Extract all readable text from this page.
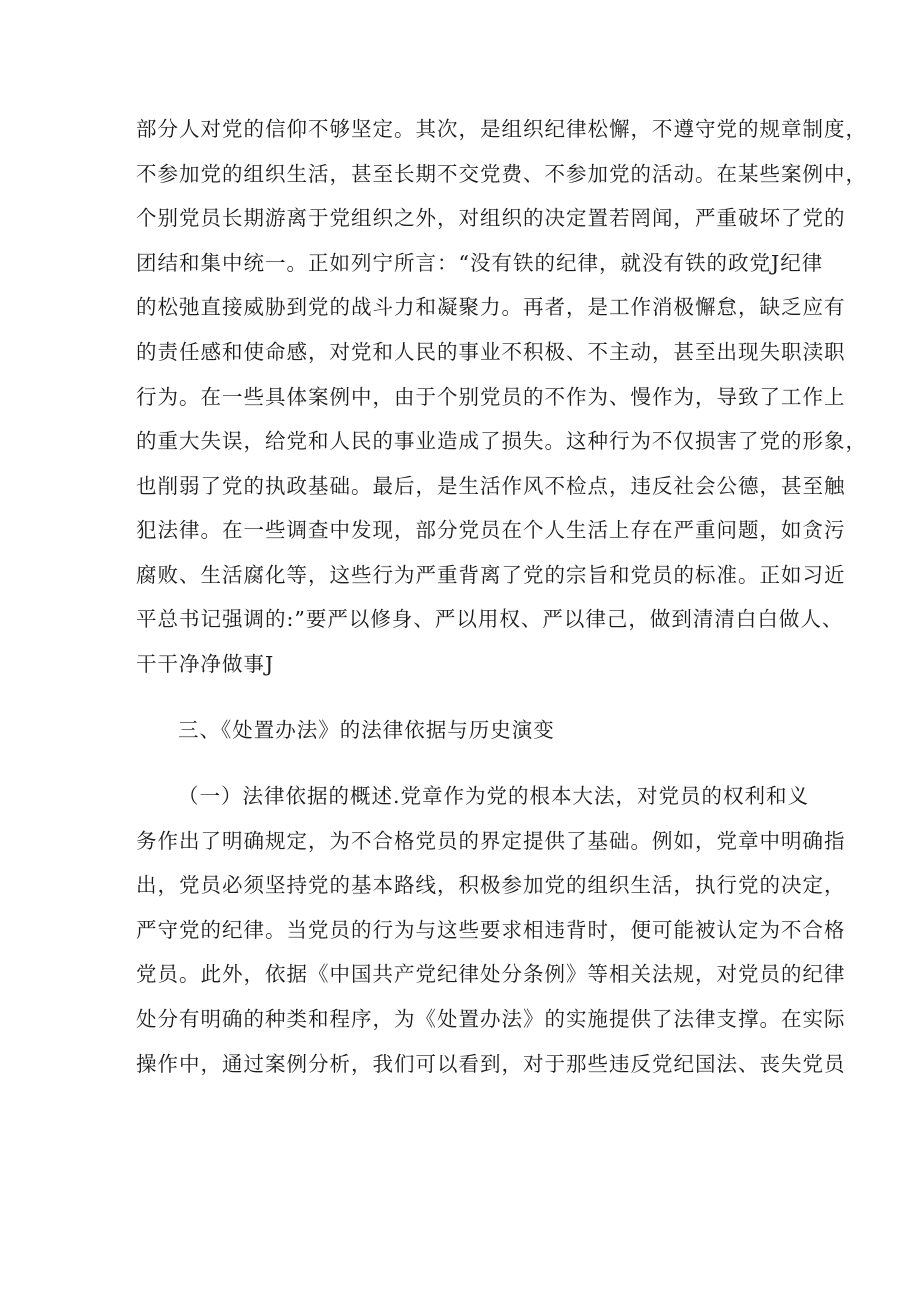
部分人对党的信仰不够坚定。其次，是组织纪律松懈，不遵守党的规章制度，
不参加党的组织生活，甚至长期不交党费、不参加党的活动。在某些案例中，
个别党员长期游离于党组织之外，对组织的决定置若罔闻，严重破坏了党的
团结和集中统一。正如列宁所言：“没有铁的纪律，就没有铁的政党J纪律
的松弛直接威胁到党的战斗力和凝聚力。再者，是工作消极懈怠，缺乏应有
的责任感和使命感，对党和人民的事业不积极、不主动，甚至出现失职渎职
行为。在一些具体案例中，由于个别党员的不作为、慢作为，导致了工作上
的重大失误，给党和人民的事业造成了损失。这种行为不仅损害了党的形象，
也削弱了党的执政基础。最后，是生活作风不检点，违反社会公德，甚至触
犯法律。在一些调查中发现，部分党员在个人生活上存在严重问题，如贪污
腐败、生活腐化等，这些行为严重背离了党的宗旨和党员的标准。正如习近
平总书记强调的:”要严以修身、严以用权、严以律己，做到清清白白做人、
干干净净做事J
三、《处置办法》的法律依据与历史演变
（一）法律依据的概述.党章作为党的根本大法，对党员的权利和义
务作出了明确规定，为不合格党员的界定提供了基础。例如，党章中明确指
出，党员必须坚持党的基本路线，积极参加党的组织生活，执行党的决定，
严守党的纪律。当党员的行为与这些要求相违背时，便可能被认定为不合格
党员。此外，依据《中国共产党纪律处分条例》等相关法规，对党员的纪律
处分有明确的种类和程序，为《处置办法》的实施提供了法律支撑。在实际
操作中，通过案例分析，我们可以看到，对于那些违反党纪国法、丧失党员
